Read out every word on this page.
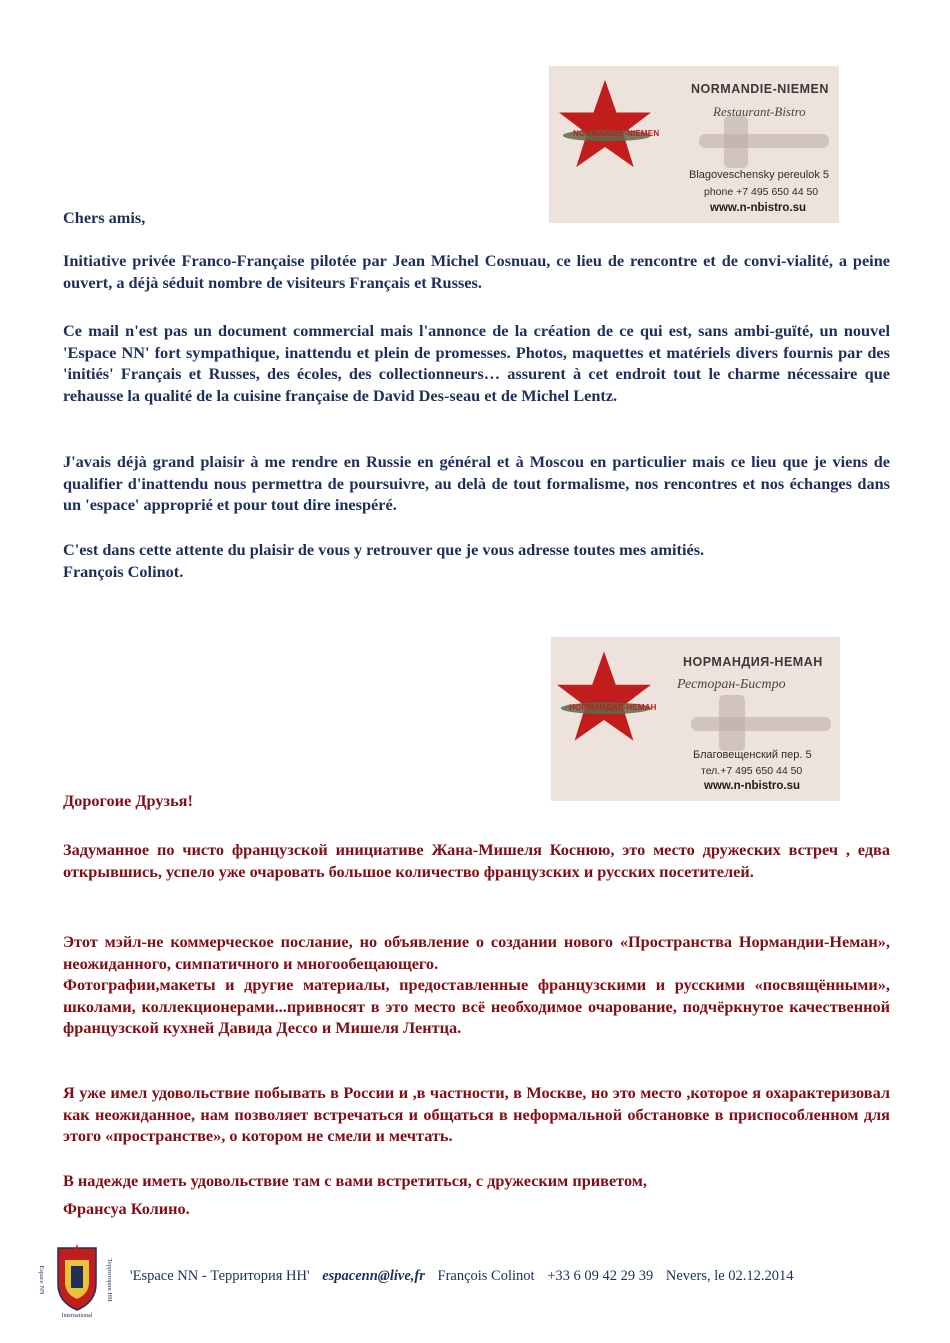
NORMANDIE-NIEMEN
NORMANDIE-NIEMEN
Restaurant-Bistro
Blagoveschensky pereulok 5
phone +7 495 650 44 50
www.n-nbistro.su

Chers amis,

Initiative privée Franco-Française pilotée par Jean Michel Cosnuau, ce lieu de rencontre et de convi-vialité, a peine ouvert, a déjà séduit nombre de visiteurs Français et Russes.

Ce mail n'est pas un document commercial mais l'annonce de la création de ce qui est, sans ambi-guïté, un nouvel 'Espace NN' fort sympathique, inattendu et plein de promesses. Photos, maquettes et matériels divers fournis par des 'initiés' Français et Russes, des écoles, des collectionneurs… assurent à cet endroit tout le charme nécessaire que rehausse la qualité de la cuisine française de David Des-seau et de Michel Lentz.

J'avais déjà grand plaisir à me rendre en Russie en général et à Moscou en particulier mais ce lieu que je viens de qualifier d'inattendu nous permettra de poursuivre, au delà de tout formalisme, nos rencontres et nos échanges dans un 'espace' approprié et pour tout dire inespéré.

C'est dans cette attente du plaisir de vous y retrouver que je vous adresse toutes mes amitiés.

François Colinot.

НОРМАНДИЯ-НЕМАН
НОРМАНДИЯ-НЕМАН
Ресторан-Бистро
Благовещенский пер. 5
тел.+7 495 650 44 50
www.n-nbistro.su

Дорогоие Друзья!

Задуманное по чисто французской инициативе Жана-Мишеля Коснюю, это место дружеских встреч , едва открывшись, успело уже очаровать большое количество французских и русских посетителей.

Этот мэйл-не коммерческое послание, но объявление о создании нового «Пространства Нормандии-Неман», неожиданного, симпатичного и многообещающего.

Фотографии,макеты и другие материалы, предоставленные французскими и русскими «посвящёнными», школами, коллекционерами...привносят в это место всё необходимое очарование, подчёркнутое качественной французской кухней Давида Дессо и Мишеля Лентца.

Я уже имел удовольствие побывать в России и ,в частности, в Москве, но это место ,которое я охарактеризовал как неожиданное, нам позволяет встречаться и общаться в неформальной обстановке в приспособленном для этого «пространстве», о котором не смели и мечтать.

В надежде иметь удовольствие там с вами встретиться, с дружеским приветом,

Франсуа Колино.

Espace NN	Территория НН
International
'Espace NN - Территория НН' espacenn@live,fr François Colinot +33 6 09 42 29 39 Nevers, le 02.12.2014
